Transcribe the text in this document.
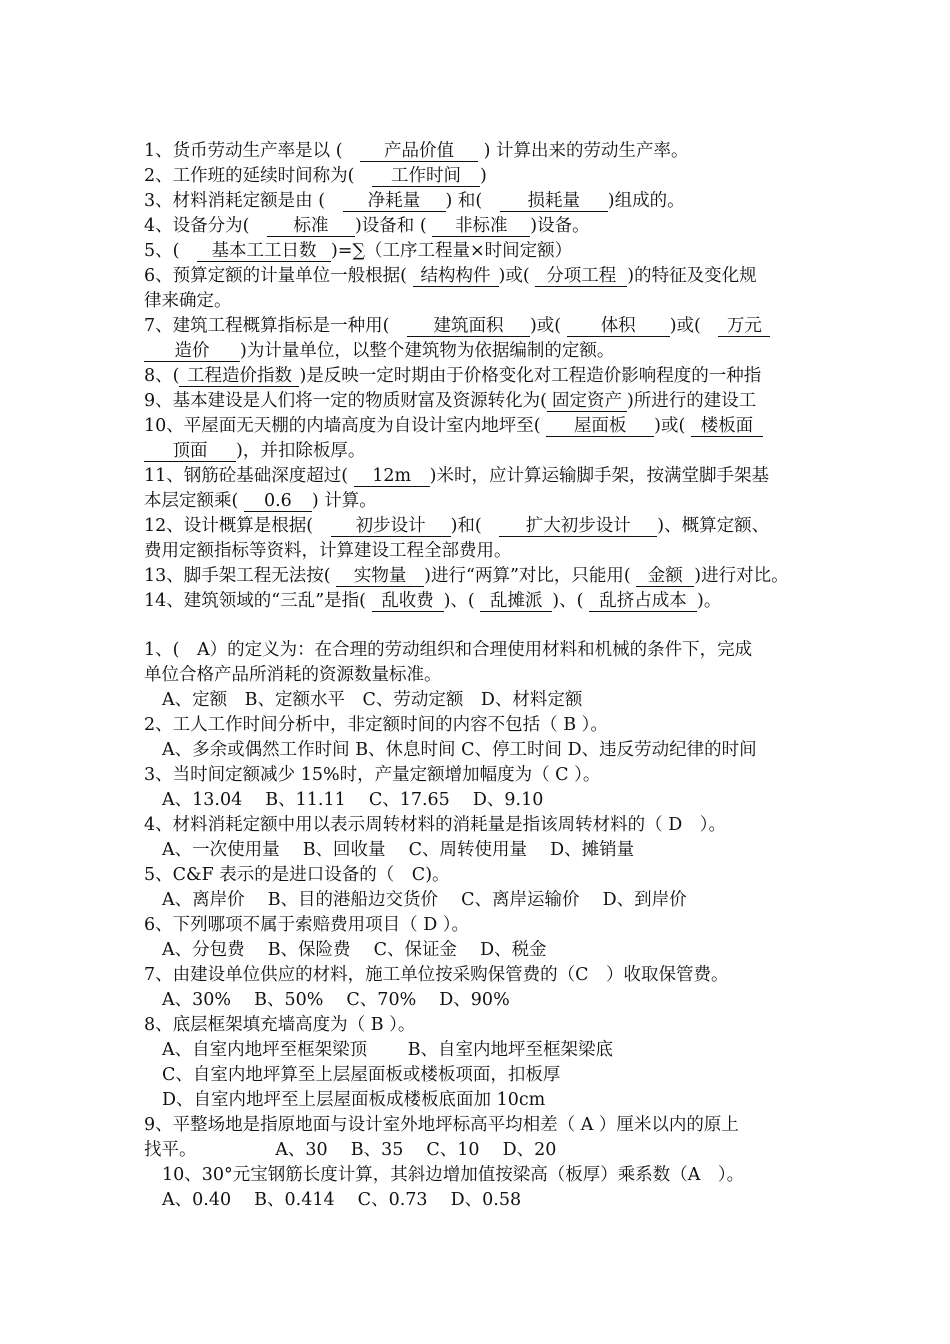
1、货币劳动生产率是以 (　产品价值 ) 计算出来的劳动生产率。
2、工作班的延续时间称为(　工作时间 )
3、材料消耗定额是由 (　净耗量 ) 和(　损耗量 )组成的。
4、设备分为(　标准 )设备和 ( 非标准 )设备。
5、(　基本工工日数 )=∑（工序工程量×时间定额）
6、预算定额的计量单位一般根据( 结构构件 )或( 分项工程 )的特征及变化规
律来确定。
7、建筑工程概算指标是一种用(　建筑面积 )或( 体积 )或(　万元
造价 )为计量单位，以整个建筑物为依据编制的定额。
8、( 工程造价指数 )是反映一定时期由于价格变化对工程造价影响程度的一种指
9、基本建设是人们将一定的物质财富及资源转化为( 固定资产 )所进行的建设工
10、平屋面无天棚的内墙高度为自设计室内地坪至( 屋面板 )或( 楼板面
顶面 )，并扣除板厚。
11、钢筋砼基础深度超过( 12m )米时，应计算运输脚手架，按满堂脚手架基
本层定额乘( 0.6 ) 计算。
12、设计概算是根据(　初步设计 )和(　扩大初步设计 )、概算定额、
费用定额指标等资料，计算建设工程全部费用。
13、脚手架工程无法按( 实物量 )进行“两算”对比，只能用( 金额 )进行对比。
14、建筑领域的“三乱”是指( 乱收费 )、( 乱摊派 )、( 乱挤占成本 )。
1、(　A）的定义为：在合理的劳动组织和合理使用材料和机械的条件下，完成
单位合格产品所消耗的资源数量标准。
A、定额　B、定额水平　C、劳动定额　D、材料定额
2、工人工作时间分析中，非定额时间的内容不包括（ B ）。
A、多余或偶然工作时间 B、休息时间 C、停工时间 D、违反劳动纪律的时间
3、当时间定额减少 15%时，产量定额增加幅度为（ C ）。
A、13.04　 B、11.11　 C、17.65　 D、9.10
4、材料消耗定额中用以表示周转材料的消耗量是指该周转材料的（ D　）。
A、一次使用量　 B、回收量　 C、周转使用量　 D、摊销量
5、C&F 表示的是进口设备的（　C)。
A、离岸价　 B、目的港船边交货价　 C、离岸运输价　 D、到岸价
6、下列哪项不属于索赔费用项目（ D ）。
A、分包费　 B、保险费　 C、保证金　 D、税金
7、由建设单位供应的材料，施工单位按采购保管费的（C　）收取保管费。
A、30%　 B、50%　 C、70%　 D、90%
8、底层框架填充墙高度为（ B ）。
A、自室内地坪至框架梁顶　　 B、自室内地坪至框架梁底
C、自室内地坪算至上层屋面板或楼板项面，扣板厚
D、自室内地坪至上层屋面板成楼板底面加 10cm
9、平整场地是指原地面与设计室外地坪标高平均相差（ A ）厘米以内的原上
找平。　　　　　A、30　 B、35　 C、10　 D、20
10、30°元宝钢筋长度计算，其斜边增加值按梁高（板厚）乘系数（A　）。
A、0.40　 B、0.414　 C、0.73　 D、0.58
